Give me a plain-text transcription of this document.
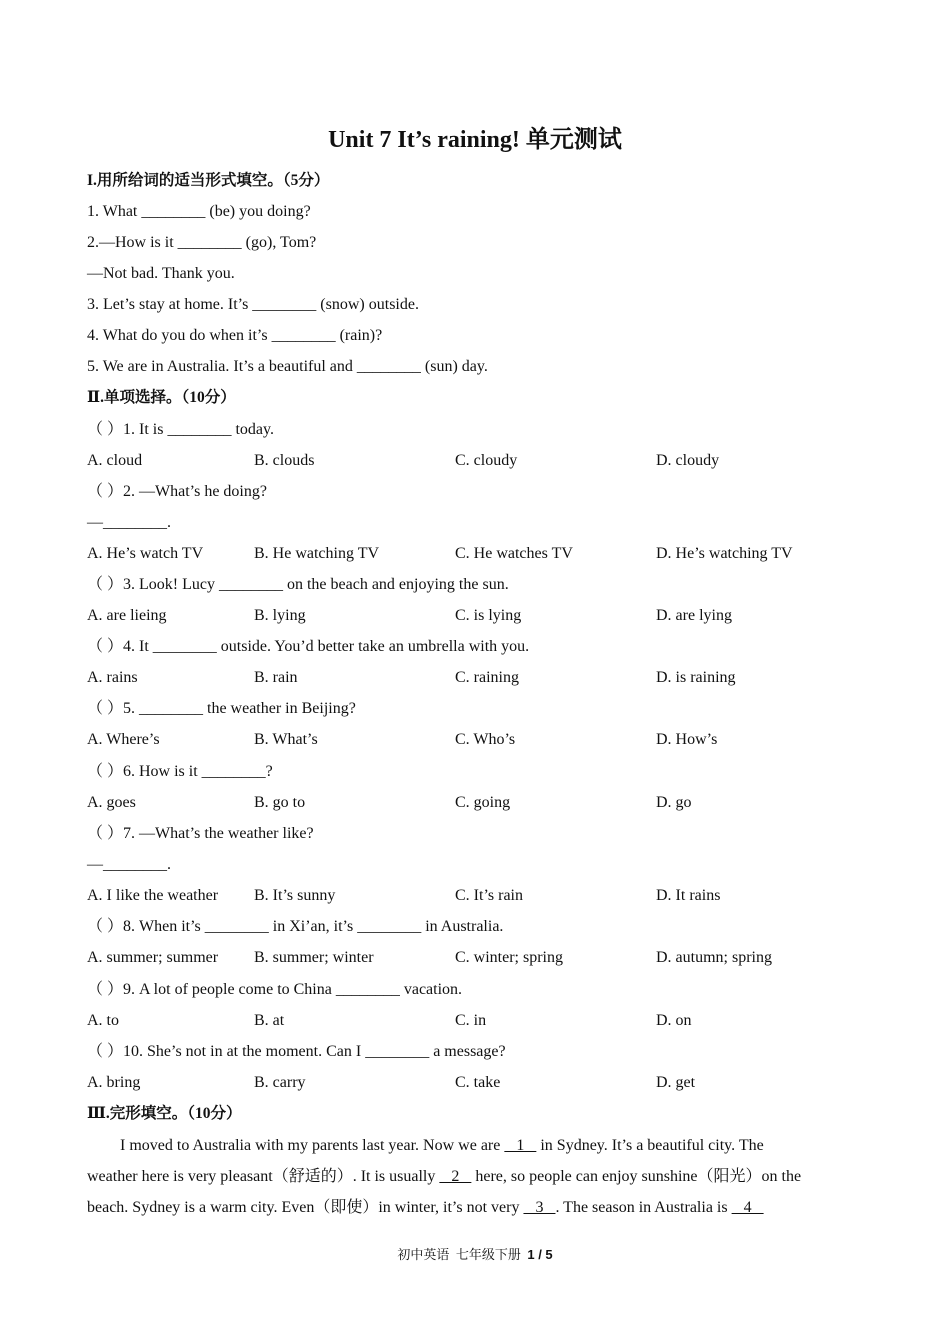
Unit 7 It’s raining! 单元测试
I.用所给词的适当形式填空。（5分）
1. What ________ (be) you doing?
2.—How is it ________ (go), Tom?
—Not bad. Thank you.
3. Let’s stay at home. It’s ________ (snow) outside.
4. What do you do when it’s ________ (rain)?
5. We are in Australia. It’s a beautiful and ________ (sun) day.
Ⅱ.单项选择。（10分）
（ ）1. It is ________ today.
A. cloud	B. clouds	C. cloudy	D. cloudy
（ ）2. —What’s he doing?
—________.
A. He’s watch TV	B. He watching TV	C. He watches TV	D. He’s watching TV
（ ）3. Look! Lucy ________ on the beach and enjoying the sun.
A. are lieing	B. lying	C. is lying	D. are lying
（ ）4. It ________ outside. You’d better take an umbrella with you.
A. rains	B. rain	C. raining	D. is raining
（ ）5. ________ the weather in Beijing?
A. Where’s	B. What’s	C. Who’s	D. How’s
（ ）6. How is it ________?
A. goes	B. go to	C. going	D. go
（ ）7. —What’s the weather like?
—________.
A. I like the weather B. It’s sunny	C. It’s rain	D. It rains
（ ）8. When it’s ________ in Xi’an, it’s ________ in Australia.
A. summer; summer B. summer; winter	C. winter; spring	D. autumn; spring
（ ）9. A lot of people come to China ________ vacation.
A. to	B. at	C. in	D. on
（ ）10. She’s not in at the moment. Can I ________ a message?
A. bring	B. carry	C. take	D. get
Ⅲ.完形填空。（10分）
I moved to Australia with my parents last year. Now we are    1    in Sydney. It’s a beautiful city. The
weather here is very pleasant（舒适的）. It is usually    2    here, so people can enjoy sunshine（阳光）on the
beach. Sydney is a warm city. Even（即使）in winter, it’s not very    3   . The season in Australia is    4
初中英语  七年级下册  1 / 5
